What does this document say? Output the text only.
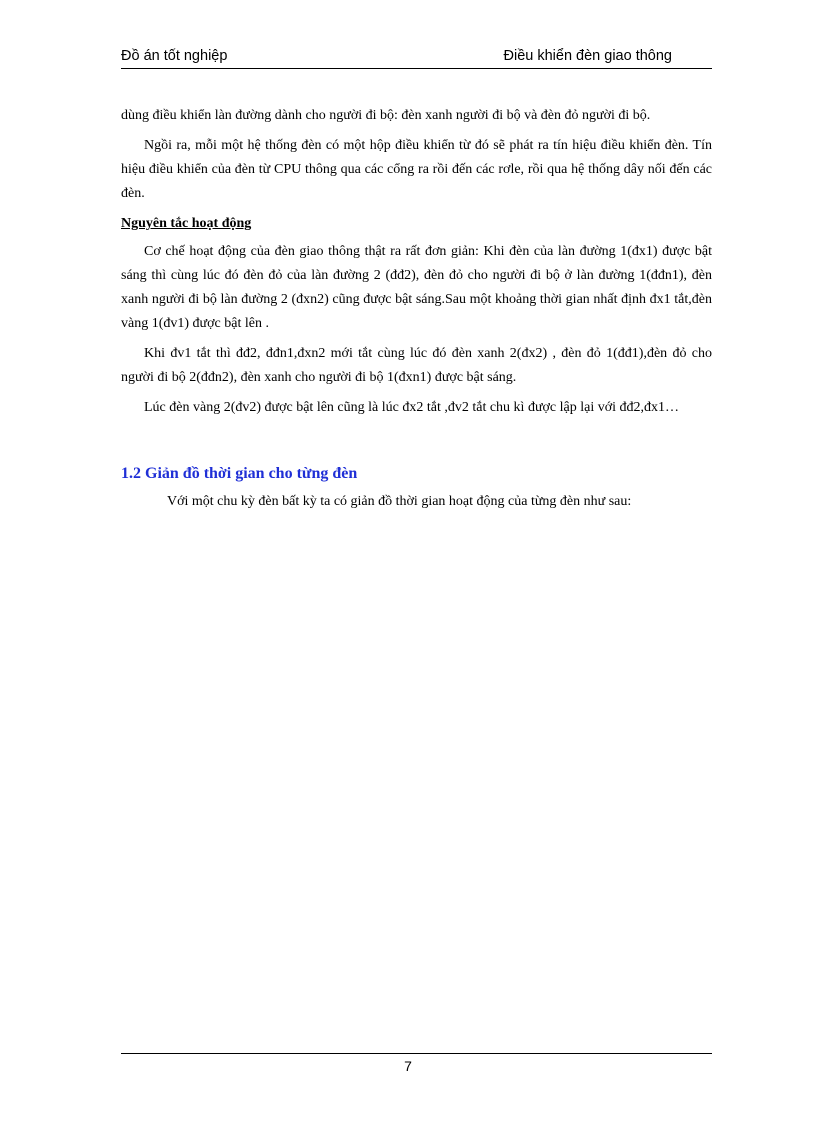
Đồ án tốt nghiệp	Điều khiển đèn giao thông

dùng điều khiển làn đường dành cho người đi bộ: đèn xanh người đi bộ và đèn đỏ người đi bộ.

Ngồi ra, mỗi một hệ thống đèn có một hộp điều khiển từ đó sẽ phát ra tín hiệu điều khiển đèn. Tín hiệu điều khiển của đèn từ CPU thông qua các cổng ra rồi đến các rơle, rồi qua hệ thống dây nối đến các đèn.

Nguyên tắc hoạt động

Cơ chế hoạt động của đèn giao thông thật ra rất đơn giản: Khi đèn của làn đường 1(đx1) được bật sáng thì cùng lúc đó đèn đỏ của làn đường 2 (đđ2), đèn đỏ cho người đi bộ ở làn đường 1(đđn1), đèn xanh người đi bộ làn đường 2 (đxn2) cũng được bật sáng.Sau một khoảng thời gian nhất định đx1 tắt,đèn vàng 1(đv1) được bật lên .

Khi đv1 tắt thì đđ2, đđn1,đxn2 mới tắt cùng lúc đó đèn xanh 2(đx2) , đèn đỏ 1(đđ1),đèn đỏ cho người đi bộ 2(đđn2), đèn xanh cho người đi bộ 1(đxn1) được bật sáng.

Lúc đèn vàng 2(đv2) được bật lên cũng là lúc đx2 tắt ,đv2 tắt chu kì được lập lại với đđ2,đx1…

1.2 Giản đồ thời gian cho từng đèn

Với một chu kỳ đèn bất kỳ ta có giản đồ thời gian hoạt động của từng đèn như sau:

7
